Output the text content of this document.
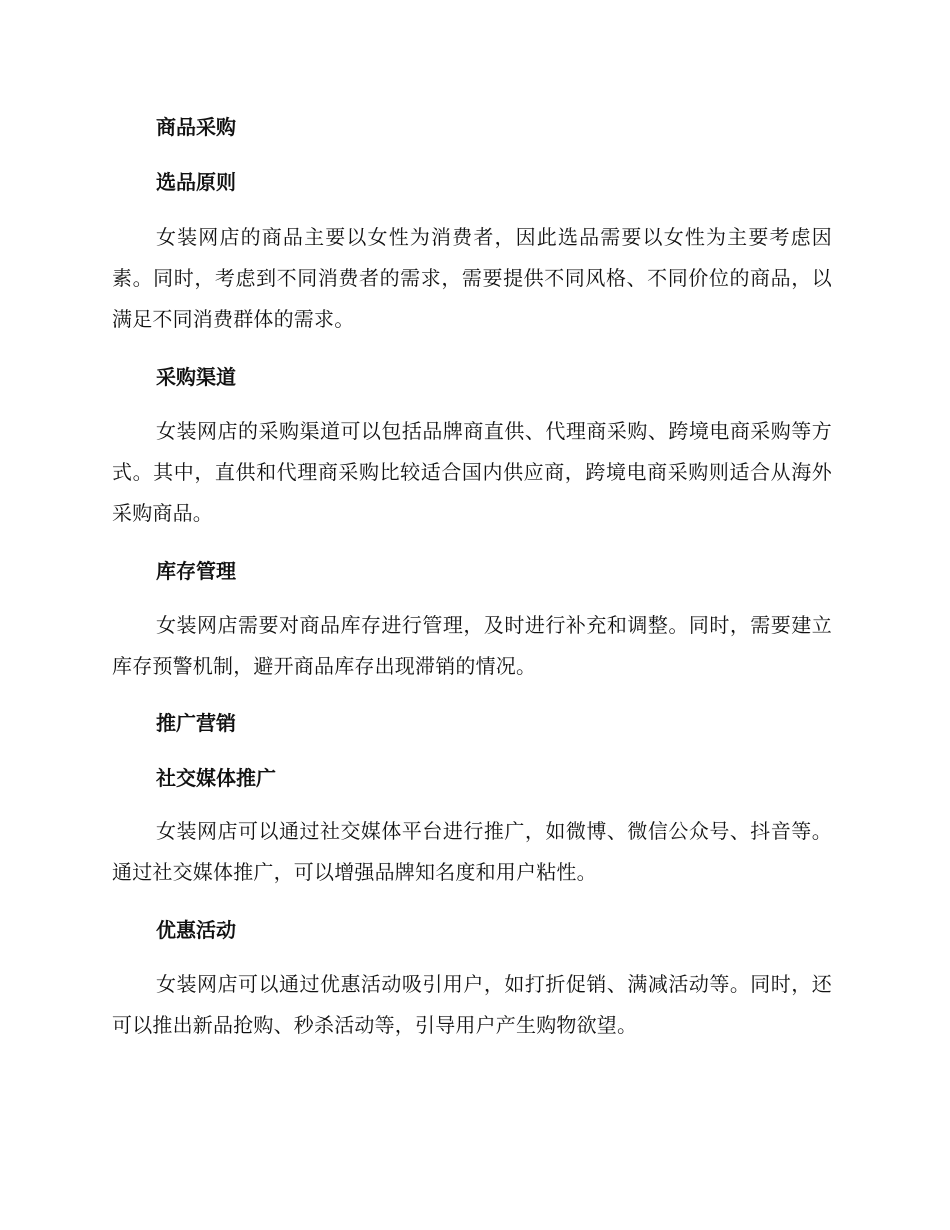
商品采购

选品原则

女装网店的商品主要以女性为消费者，因此选品需要以女性为主要考虑因素。同时，考虑到不同消费者的需求，需要提供不同风格、不同价位的商品，以满足不同消费群体的需求。

采购渠道

女装网店的采购渠道可以包括品牌商直供、代理商采购、跨境电商采购等方式。其中，直供和代理商采购比较适合国内供应商，跨境电商采购则适合从海外采购商品。

库存管理

女装网店需要对商品库存进行管理，及时进行补充和调整。同时，需要建立库存预警机制，避开商品库存出现滞销的情况。

推广营销

社交媒体推广

女装网店可以通过社交媒体平台进行推广，如微博、微信公众号、抖音等。通过社交媒体推广，可以增强品牌知名度和用户粘性。

优惠活动

女装网店可以通过优惠活动吸引用户，如打折促销、满减活动等。同时，还可以推出新品抢购、秒杀活动等，引导用户产生购物欲望。
